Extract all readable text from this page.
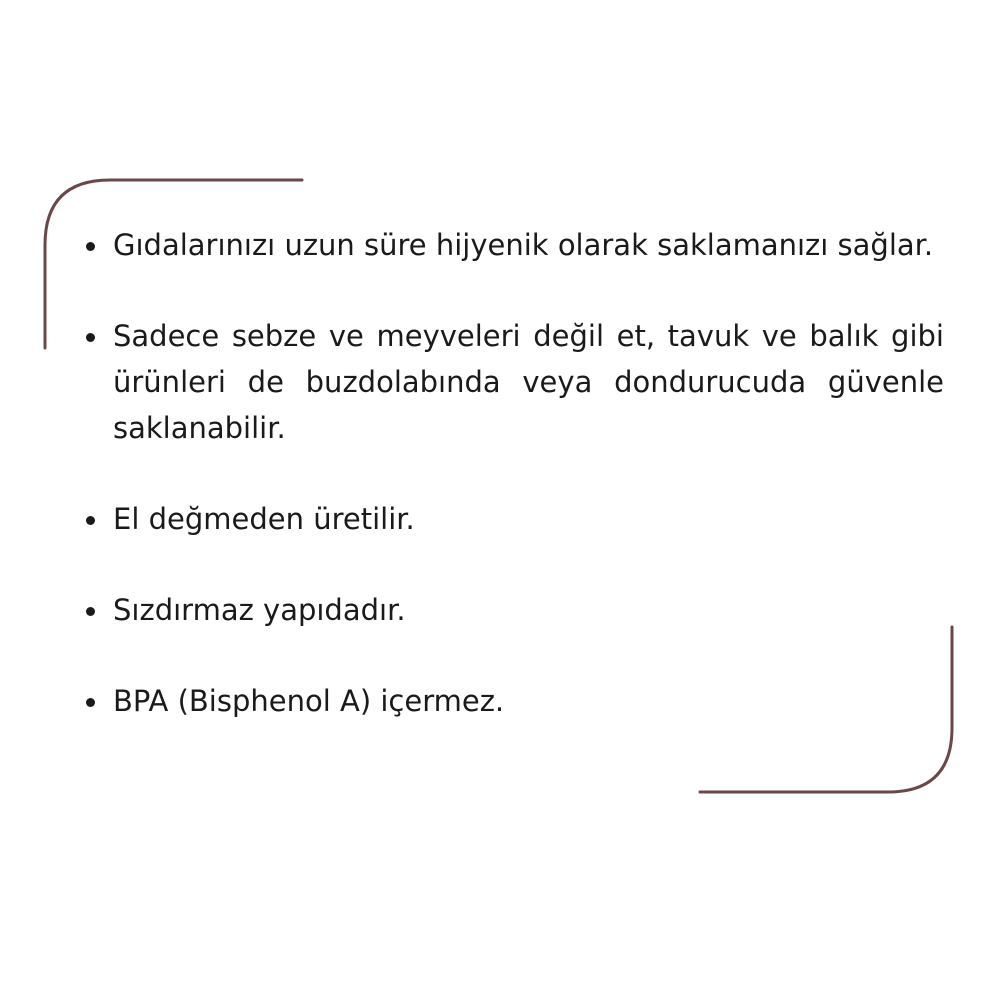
Gıdalarınızı uzun süre hijyenik olarak saklamanızı sağlar.
Sadece sebze ve meyveleri değil et, tavuk ve balık gibi ürünleri de buzdolabında veya dondurucuda güvenle saklanabilir.
El değmeden üretilir.
Sızdırmaz yapıdadır.
BPA (Bisphenol A) içermez.
